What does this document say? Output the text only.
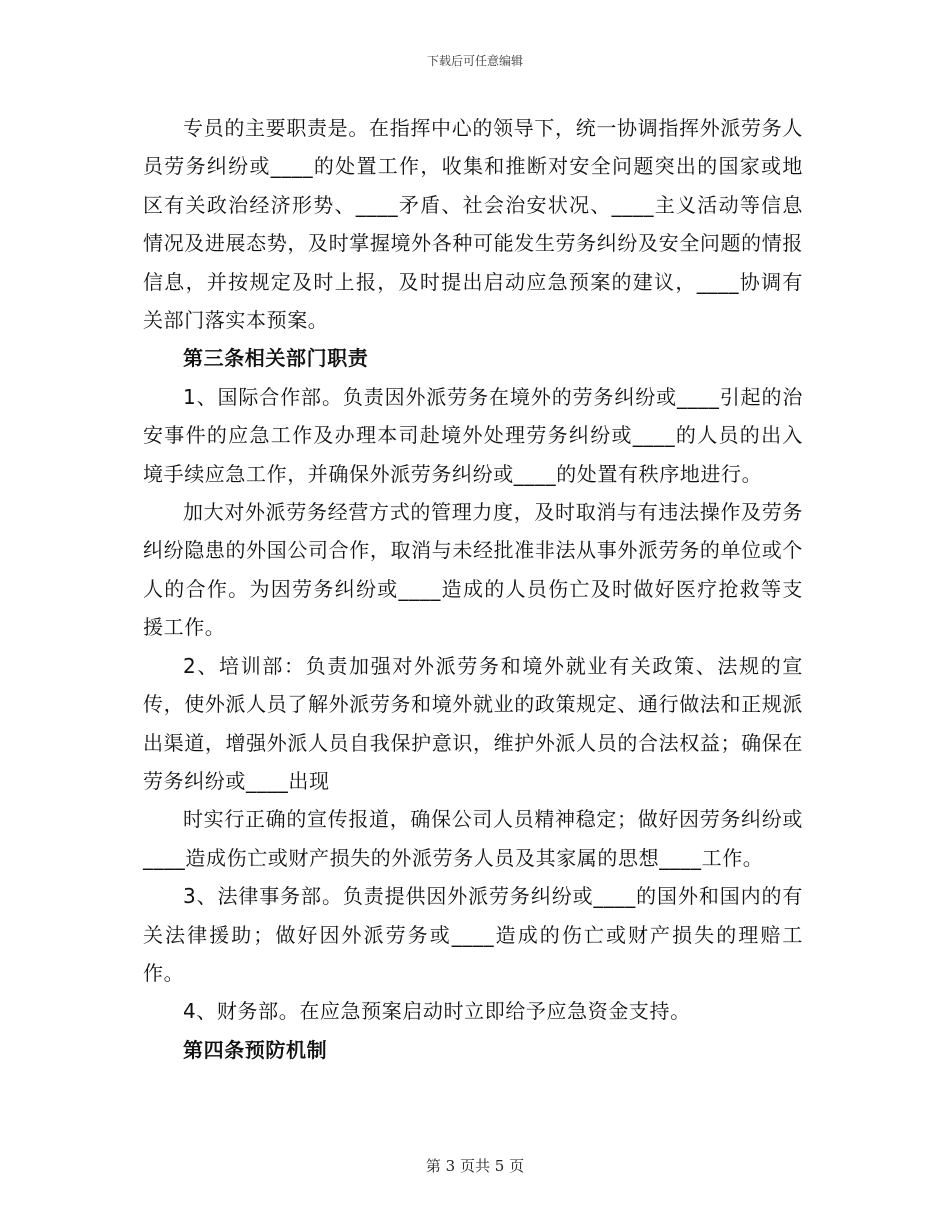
下载后可任意编辑

专员的主要职责是。在指挥中心的领导下，统一协调指挥外派劳务人员劳务纠纷或____的处置工作，收集和推断对安全问题突出的国家或地区有关政治经济形势、____矛盾、社会治安状况、____主义活动等信息情况及进展态势，及时掌握境外各种可能发生劳务纠纷及安全问题的情报信息，并按规定及时上报，及时提出启动应急预案的建议，____协调有关部门落实本预案。

第三条相关部门职责

1、国际合作部。负责因外派劳务在境外的劳务纠纷或____引起的治安事件的应急工作及办理本司赴境外处理劳务纠纷或____的人员的出入境手续应急工作，并确保外派劳务纠纷或____的处置有秩序地进行。

加大对外派劳务经营方式的管理力度，及时取消与有违法操作及劳务纠纷隐患的外国公司合作，取消与未经批准非法从事外派劳务的单位或个人的合作。为因劳务纠纷或____造成的人员伤亡及时做好医疗抢救等支援工作。

2、培训部：负责加强对外派劳务和境外就业有关政策、法规的宣传，使外派人员了解外派劳务和境外就业的政策规定、通行做法和正规派出渠道，增强外派人员自我保护意识，维护外派人员的合法权益；确保在劳务纠纷或____出现

时实行正确的宣传报道，确保公司人员精神稳定；做好因劳务纠纷或____造成伤亡或财产损失的外派劳务人员及其家属的思想____工作。

3、法律事务部。负责提供因外派劳务纠纷或____的国外和国内的有关法律援助；做好因外派劳务或____造成的伤亡或财产损失的理赔工作。

4、财务部。在应急预案启动时立即给予应急资金支持。

第四条预防机制

第 3 页共 5 页
